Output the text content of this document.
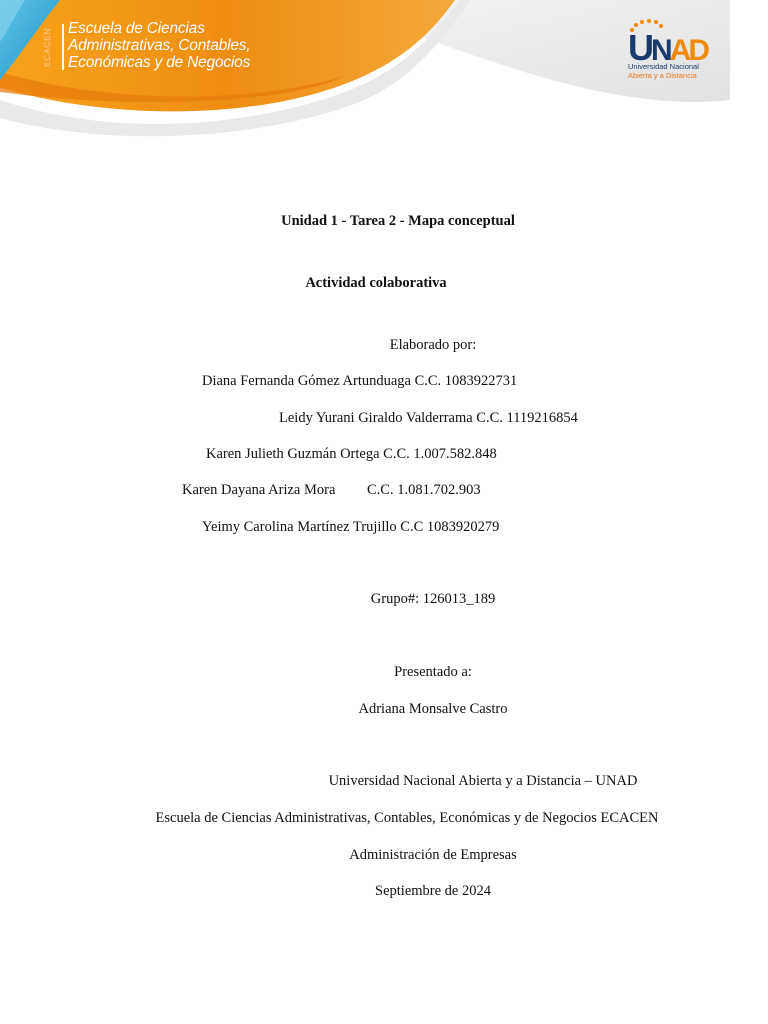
ECACEN	Escuela de Ciencias
Administrativas, Contables,
Económicas y de Negocios	UNAD
Universidad Nacional
Abierta y a Distancia
Unidad 1 - Tarea 2 - Mapa conceptual
Actividad colaborativa
Elaborado por:
Diana Fernanda Gómez Artunduaga C.C. 1083922731
Leidy Yurani Giraldo Valderrama C.C. 1119216854
Karen Julieth Guzmán Ortega C.C. 1.007.582.848
Karen Dayana Ariza Mora C.C. 1.081.702.903
Yeimy Carolina Martínez Trujillo C.C 1083920279
Grupo#: 126013_189
Presentado a:
Adriana Monsalve Castro
Universidad Nacional Abierta y a Distancia – UNAD
Escuela de Ciencias Administrativas, Contables, Económicas y de Negocios ECACEN
Administración de Empresas
Septiembre de 2024
